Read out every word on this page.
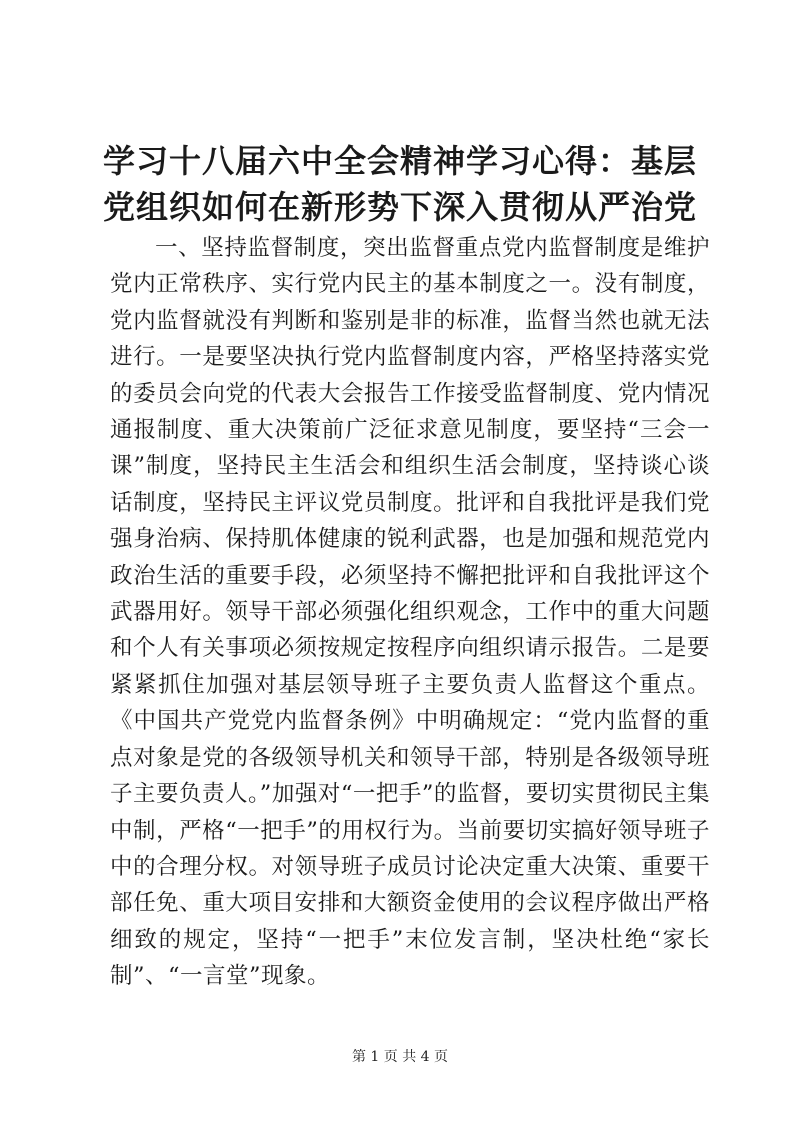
学习十八届六中全会精神学习心得：基层党组织如何在新形势下深入贯彻从严治党

一、坚持监督制度，突出监督重点党内监督制度是维护党内正常秩序、实行党内民主的基本制度之一。没有制度，党内监督就没有判断和鉴别是非的标准，监督当然也就无法进行。一是要坚决执行党内监督制度内容，严格坚持落实党的委员会向党的代表大会报告工作接受监督制度、党内情况通报制度、重大决策前广泛征求意见制度，要坚持“三会一课”制度，坚持民主生活会和组织生活会制度，坚持谈心谈话制度，坚持民主评议党员制度。批评和自我批评是我们党强身治病、保持肌体健康的锐利武器，也是加强和规范党内政治生活的重要手段，必须坚持不懈把批评和自我批评这个武器用好。领导干部必须强化组织观念，工作中的重大问题和个人有关事项必须按规定按程序向组织请示报告。二是要紧紧抓住加强对基层领导班子主要负责人监督这个重点。《中国共产党党内监督条例》中明确规定：“党内监督的重点对象是党的各级领导机关和领导干部，特别是各级领导班子主要负责人。”加强对“一把手”的监督，要切实贯彻民主集中制，严格“一把手”的用权行为。当前要切实搞好领导班子中的合理分权。对领导班子成员讨论决定重大决策、重要干部任免、重大项目安排和大额资金使用的会议程序做出严格细致的规定，坚持“一把手”末位发言制，坚决杜绝“家长制”、“一言堂”现象。

第 1 页 共 4 页
